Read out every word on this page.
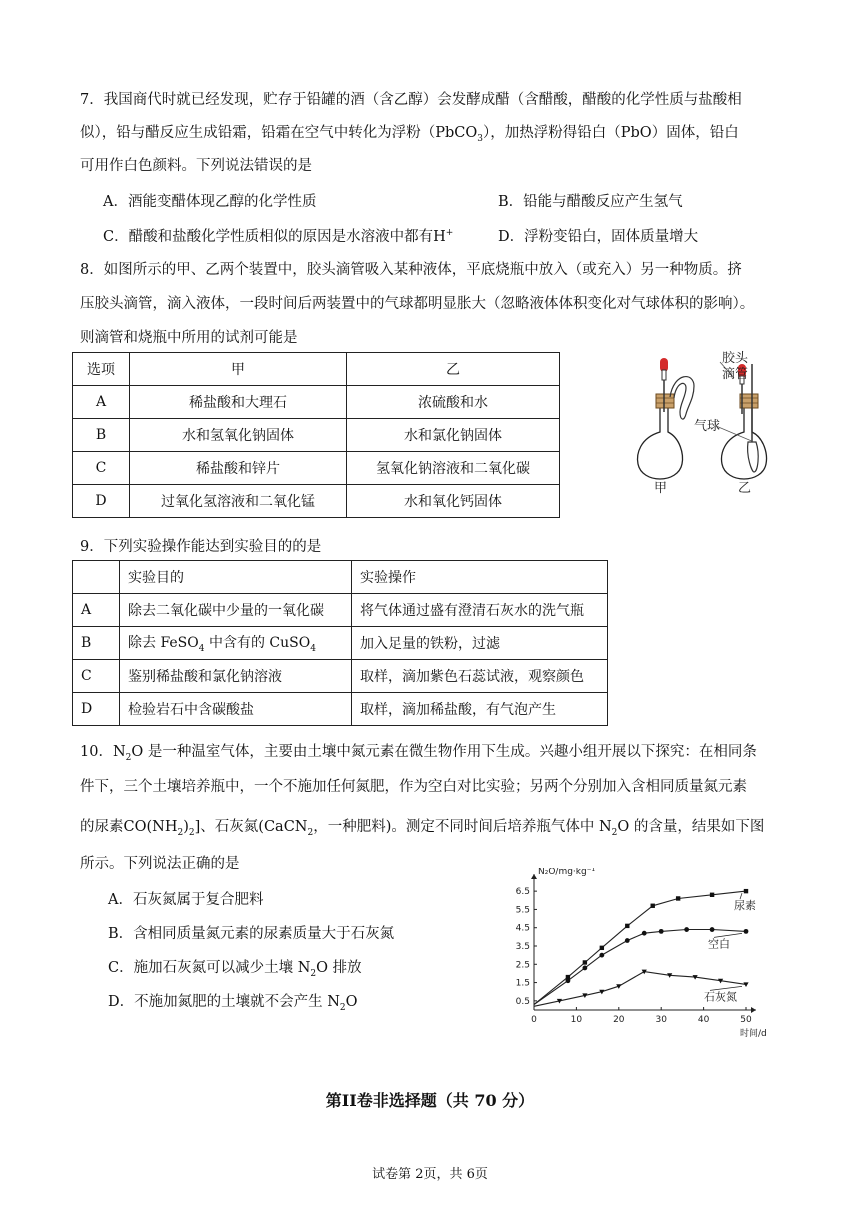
7．我国商代时就已经发现，贮存于铅罐的酒（含乙醇）会发酵成醋（含醋酸，醋酸的化学性质与盐酸相
似），铅与醋反应生成铅霜，铅霜在空气中转化为浮粉（PbCO$_3$），加热浮粉得铅白（PbO）固体，铅白
可用作白色颜料。下列说法错误的是
A．酒能变醋体现乙醇的化学性质	B．铅能与醋酸反应产生氢气
C．醋酸和盐酸化学性质相似的原因是水溶液中都有H+	D．浮粉变铅白，固体质量增大
8．如图所示的甲、乙两个装置中，胶头滴管吸入某种液体，平底烧瓶中放入（或充入）另一种物质。挤
压胶头滴管，滴入液体，一段时间后两装置中的气球都明显胀大（忽略液体体积变化对气球体积的影响）。
则滴管和烧瓶中所用的试剂可能是
选项	甲	乙
A	稀盐酸和大理石	浓硫酸和水
B	水和氢氧化钠固体	水和氯化钠固体
C	稀盐酸和锌片	氢氧化钠溶液和二氧化碳
D	过氧化氢溶液和二氧化锰	水和氧化钙固体
胶头
滴管
气球
甲	乙
9．下列实验操作能达到实验目的的是
	实验目的	实验操作
A	除去二氧化碳中少量的一氧化碳	将气体通过盛有澄清石灰水的洗气瓶
B	除去 FeSO$_4$ 中含有的 CuSO$_4$	加入足量的铁粉，过滤
C	鉴别稀盐酸和氯化钠溶液	取样，滴加紫色石蕊试液，观察颜色
D	检验岩石中含碳酸盐	取样，滴加稀盐酸，有气泡产生
10．$N_2O$ 是一种温室气体，主要由土壤中氮元素在微生物作用下生成。兴趣小组开展以下探究：在相同条
件下，三个土壤培养瓶中，一个不施加任何氮肥，作为空白对比实验；另两个分别加入含相同质量氮元素
的尿素$CO(NH_2)_2$]、石灰氮(CaCN$_2$，一种肥料)。测定不同时间后培养瓶气体中 $N_2O$ 的含量，结果如下图
所示。下列说法正确的是
A．石灰氮属于复合肥料
B．含相同质量氮元素的尿素质量大于石灰氮
C．施加石灰氮可以减少土壤 $N_2O$ 排放
D．不施加氮肥的土壤就不会产生 $N_2O$
N₂O/mg·kg⁻¹
时间/d
0	10	20	30	40	50
0.5
1.5
2.5
3.5
4.5
5.5
6.5
尿素
空白
石灰氮
第II卷非选择题（共 70 分）
试卷第 2页，共 6页
